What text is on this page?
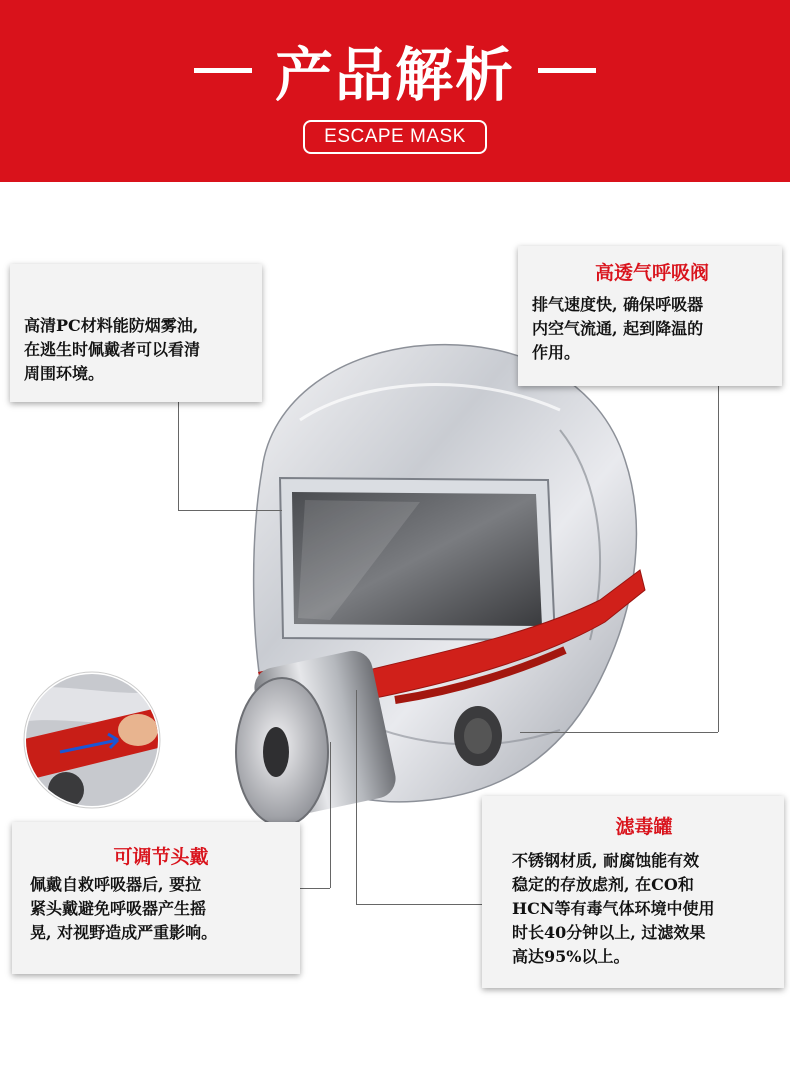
产品解析
ESCAPE MASK
高清PC材料能防烟雾油,
在逃生时佩戴者可以看清
周围环境。
高透气呼吸阀
排气速度快, 确保呼吸器
内空气流通, 起到降温的
作用。
可调节头戴
佩戴自救呼吸器后, 要拉
紧头戴避免呼吸器产生摇
晃, 对视野造成严重影响。
滤毒罐
不锈钢材质, 耐腐蚀能有效
稳定的存放虑剂, 在CO和
HCN等有毒气体环境中使用
时长40分钟以上, 过滤效果
高达95%以上。
